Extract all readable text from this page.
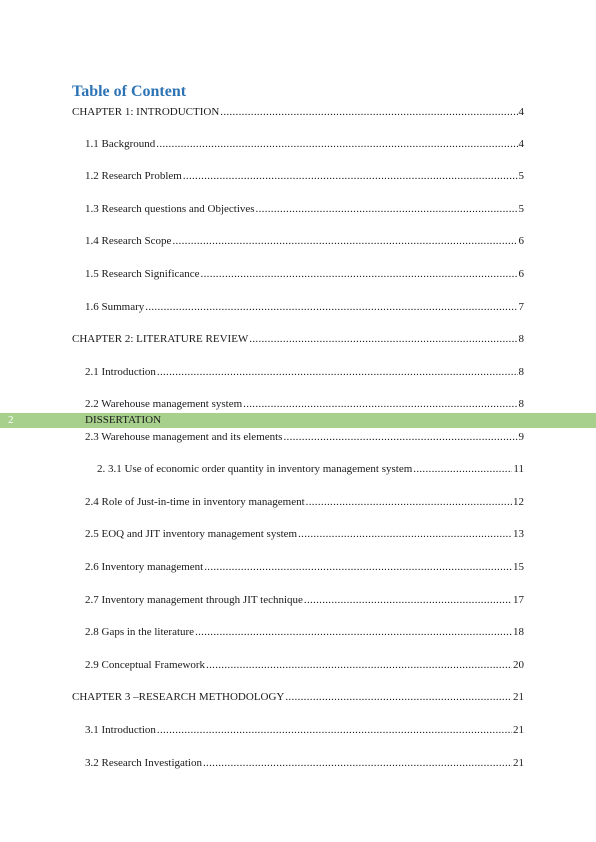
Table of Content
CHAPTER 1: INTRODUCTION .....	4
1.1 Background .....	4
1.2 Research Problem .....	5
1.3 Research questions and Objectives .....	5
1.4 Research Scope .....	6
1.5 Research Significance .....	6
1.6 Summary .....	7
CHAPTER 2: LITERATURE REVIEW .....	8
2.1 Introduction .....	8
2.2 Warehouse management system .....	8
2	DISSERTATION
2.3 Warehouse management and its elements .....	9
2. 3.1 Use of economic order quantity in inventory management system .....	11
2.4 Role of Just-in-time in inventory management .....	12
2.5 EOQ and JIT inventory management system .....	13
2.6 Inventory management .....	15
2.7 Inventory management through JIT technique .....	17
2.8 Gaps in the literature .....	18
2.9 Conceptual Framework .....	20
CHAPTER 3 –RESEARCH METHODOLOGY .....	21
3.1 Introduction .....	21
3.2 Research Investigation .....	21
